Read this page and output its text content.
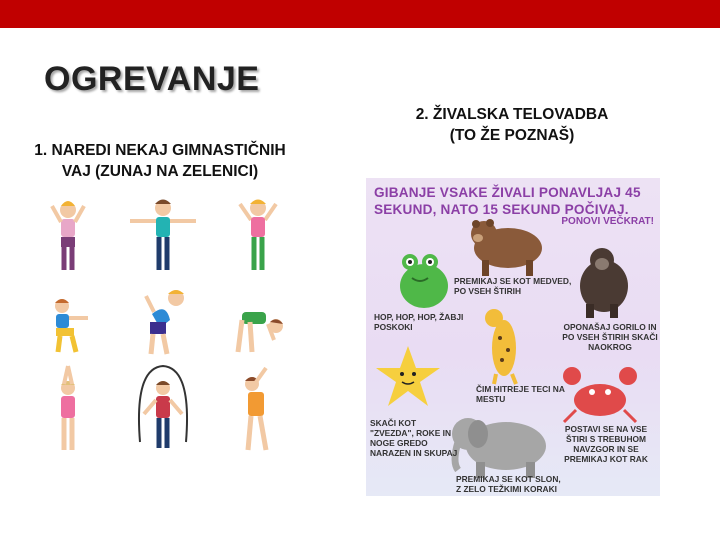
OGREVANJE
1. NAREDI NEKAJ GIMNASTIČNIH VAJ (ZUNAJ NA ZELENICI)
2. ŽIVALSKA TELOVADBA (TO ŽE POZNAŠ)
GIBANJE VSAKE ŽIVALI PONAVLJAJ 45 SEKUND, NATO 15 SEKUND POČIVAJ.
PONOVI VEČKRAT!
PREMIKAJ SE KOT MEDVED, PO VSEH ŠTIRIH
HOP, HOP, HOP, ŽABJI POSKOKI	OPONAŠAJ GORILO IN PO VSEH ŠTIRIH SKAČI NAOKROG
ČIM HITREJE TECI NA MESTU
SKAČI KOT "ZVEZDA", ROKE IN NOGE GREDO NARAZEN IN SKUPAJ
POSTAVI SE NA VSE ŠTIRI S TREBUHOM NAVZGOR IN SE PREMIKAJ KOT RAK
PREMIKAJ SE KOT SLON, Z ZELO TEŽKIMI KORAKI
